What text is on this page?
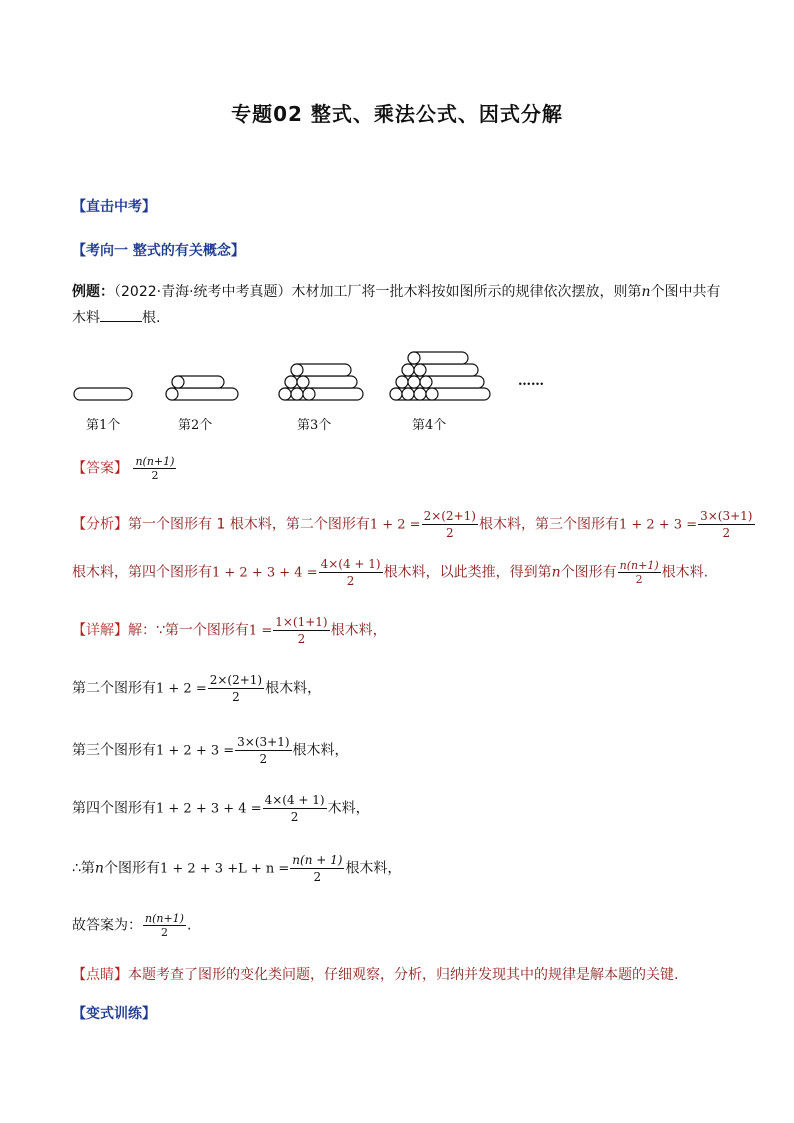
专题02 整式、乘法公式、因式分解
【直击中考】
【考向一 整式的有关概念】
例题：（2022·青海·统考中考真题）木材加工厂将一批木料按如图所示的规律依次摆放，则第n个图中共有
木料	根.
……
第1个	第2个	第3个	第4个
【答案】 $\frac{n(n+1)}{2}$
【分析】第一个图形有 1 根木料，第二个图形有$1 + 2 = \frac{2\times(2+1)}{2}$ 根木料，第三个图形有$1 + 2 + 3 = \frac{3\times(3+1)}{2}$
根木料，第四个图形有$1 + 2 + 3 + 4 = \frac{4\times(4 + 1)}{2}$ 根木料，以此类推，得到第n个图形有 $\frac{n(n+1)}{2}$ 根木料.
【详解】解：∵第一个图形有$1 = \frac{1\times(1+1)}{2}$ 根木料，
第二个图形有$1 + 2 = \frac{2\times(2+1)}{2}$ 根木料，
第三个图形有$1 + 2 + 3 = \frac{3\times(3+1)}{2}$ 根木料，
第四个图形有$1 + 2 + 3 + 4 = \frac{4\times(4 + 1)}{2}$ 木料，
∴第n个图形有$1 + 2 + 3 +L + n = \frac{n(n + 1)}{2}$ 根木料，
故答案为： $\frac{n(n+1)}{2}$ .
【点睛】本题考查了图形的变化类问题，仔细观察，分析，归纳并发现其中的规律是解本题的关键.
【变式训练】
